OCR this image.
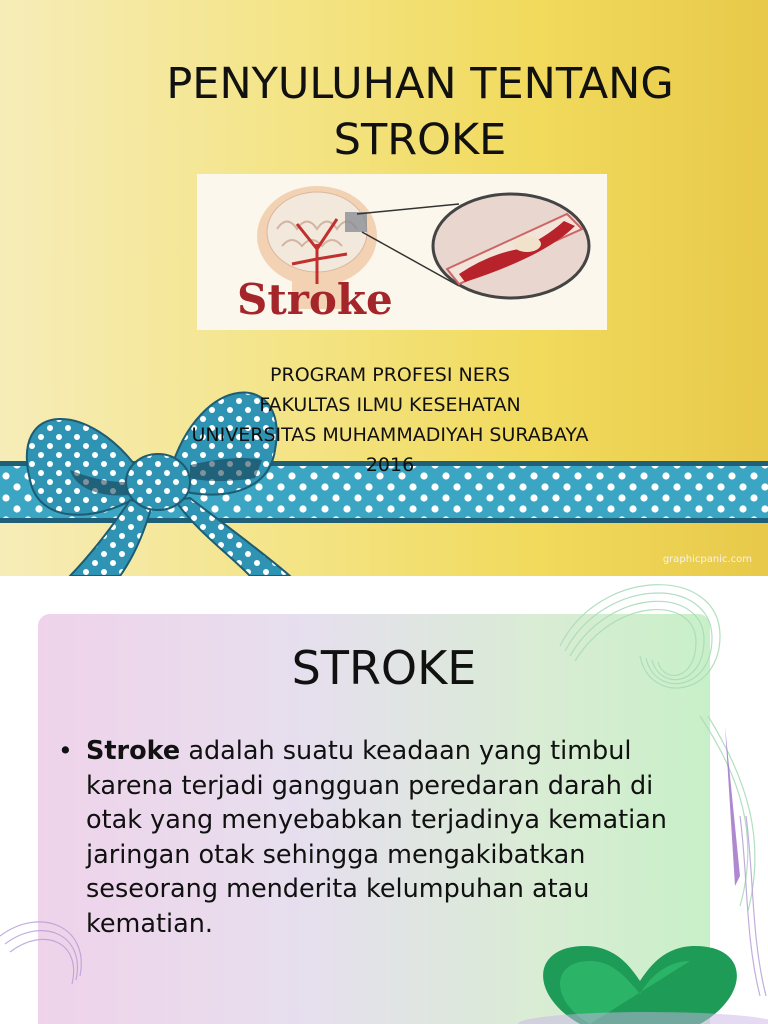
PENYULUHAN TENTANG
STROKE
Stroke
PROGRAM PROFESI NERS
FAKULTAS ILMU KESEHATAN
UNIVERSITAS MUHAMMADIYAH SURABAYA
2016
graphicpanic.com
STROKE
• Stroke adalah suatu keadaan yang timbul karena terjadi gangguan peredaran darah di otak yang menyebabkan terjadinya kematian jaringan otak sehingga mengakibatkan seseorang menderita kelumpuhan atau kematian.
